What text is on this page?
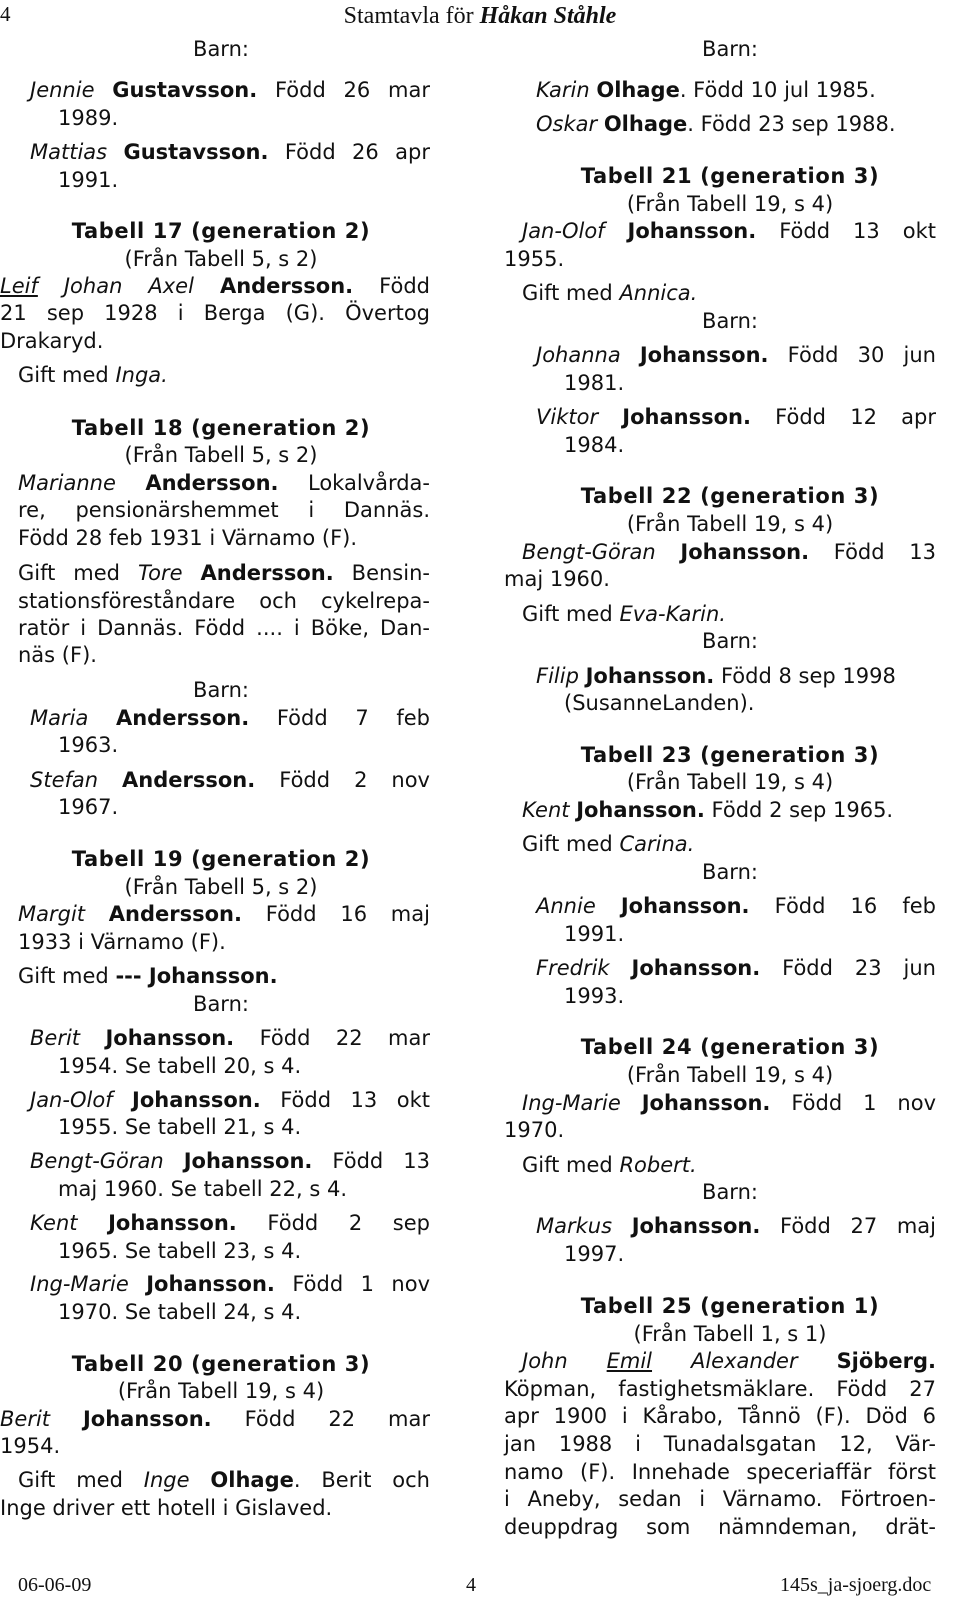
4	Stamtavla för Håkan Ståhle
Barn:
Jennie Gustavsson. Född 26 mar
1989.
Mattias Gustavsson. Född 26 apr
1991.
Tabell 17 (generation 2)
(Från Tabell 5, s 2)
Leif Johan Axel Andersson. Född
21 sep 1928 i Berga (G). Övertog
Drakaryd.
Gift med Inga.
Tabell 18 (generation 2)
(Från Tabell 5, s 2)
Marianne Andersson. Lokalvårda-
re, pensionärshemmet i Dannäs.
Född 28 feb 1931 i Värnamo (F).
Gift med Tore Andersson. Bensin-
stationsföreståndare och cykelrepa-
ratör i Dannäs. Född .... i Böke, Dan-
näs (F).
Barn:
Maria Andersson. Född 7 feb
1963.
Stefan Andersson. Född 2 nov
1967.
Tabell 19 (generation 2)
(Från Tabell 5, s 2)
Margit Andersson. Född 16 maj
1933 i Värnamo (F).
Gift med --- Johansson.
Barn:
Berit Johansson. Född 22 mar
1954. Se tabell 20, s 4.
Jan-Olof Johansson. Född 13 okt
1955. Se tabell 21, s 4.
Bengt-Göran Johansson. Född 13
maj 1960. Se tabell 22, s 4.
Kent Johansson. Född 2 sep
1965. Se tabell 23, s 4.
Ing-Marie Johansson. Född 1 nov
1970. Se tabell 24, s 4.
Tabell 20 (generation 3)
(Från Tabell 19, s 4)
Berit Johansson. Född 22 mar
1954.
Gift med Inge Olhage. Berit och
Inge driver ett hotell i Gislaved.
Barn:
Karin Olhage. Född 10 jul 1985.
Oskar Olhage. Född 23 sep 1988.
Tabell 21 (generation 3)
(Från Tabell 19, s 4)
Jan-Olof Johansson. Född 13 okt
1955.
Gift med Annica.
Barn:
Johanna Johansson. Född 30 jun
1981.
Viktor Johansson. Född 12 apr
1984.
Tabell 22 (generation 3)
(Från Tabell 19, s 4)
Bengt-Göran Johansson. Född 13
maj 1960.
Gift med Eva-Karin.
Barn:
Filip Johansson. Född 8 sep 1998
(SusanneLanden).
Tabell 23 (generation 3)
(Från Tabell 19, s 4)
Kent Johansson. Född 2 sep 1965.
Gift med Carina.
Barn:
Annie Johansson. Född 16 feb
1991.
Fredrik Johansson. Född 23 jun
1993.
Tabell 24 (generation 3)
(Från Tabell 19, s 4)
Ing-Marie Johansson. Född 1 nov
1970.
Gift med Robert.
Barn:
Markus Johansson. Född 27 maj
1997.
Tabell 25 (generation 1)
(Från Tabell 1, s 1)
John Emil Alexander Sjöberg.
Köpman, fastighetsmäklare. Född 27
apr 1900 i Kårabo, Tånnö (F). Död 6
jan 1988 i Tunadalsgatan 12, Vär-
namo (F). Innehade speceriaffär först
i Aneby, sedan i Värnamo. Förtroen-
deuppdrag som nämndeman, drät-
06-06-09	4	145s_ja-sjoerg.doc
